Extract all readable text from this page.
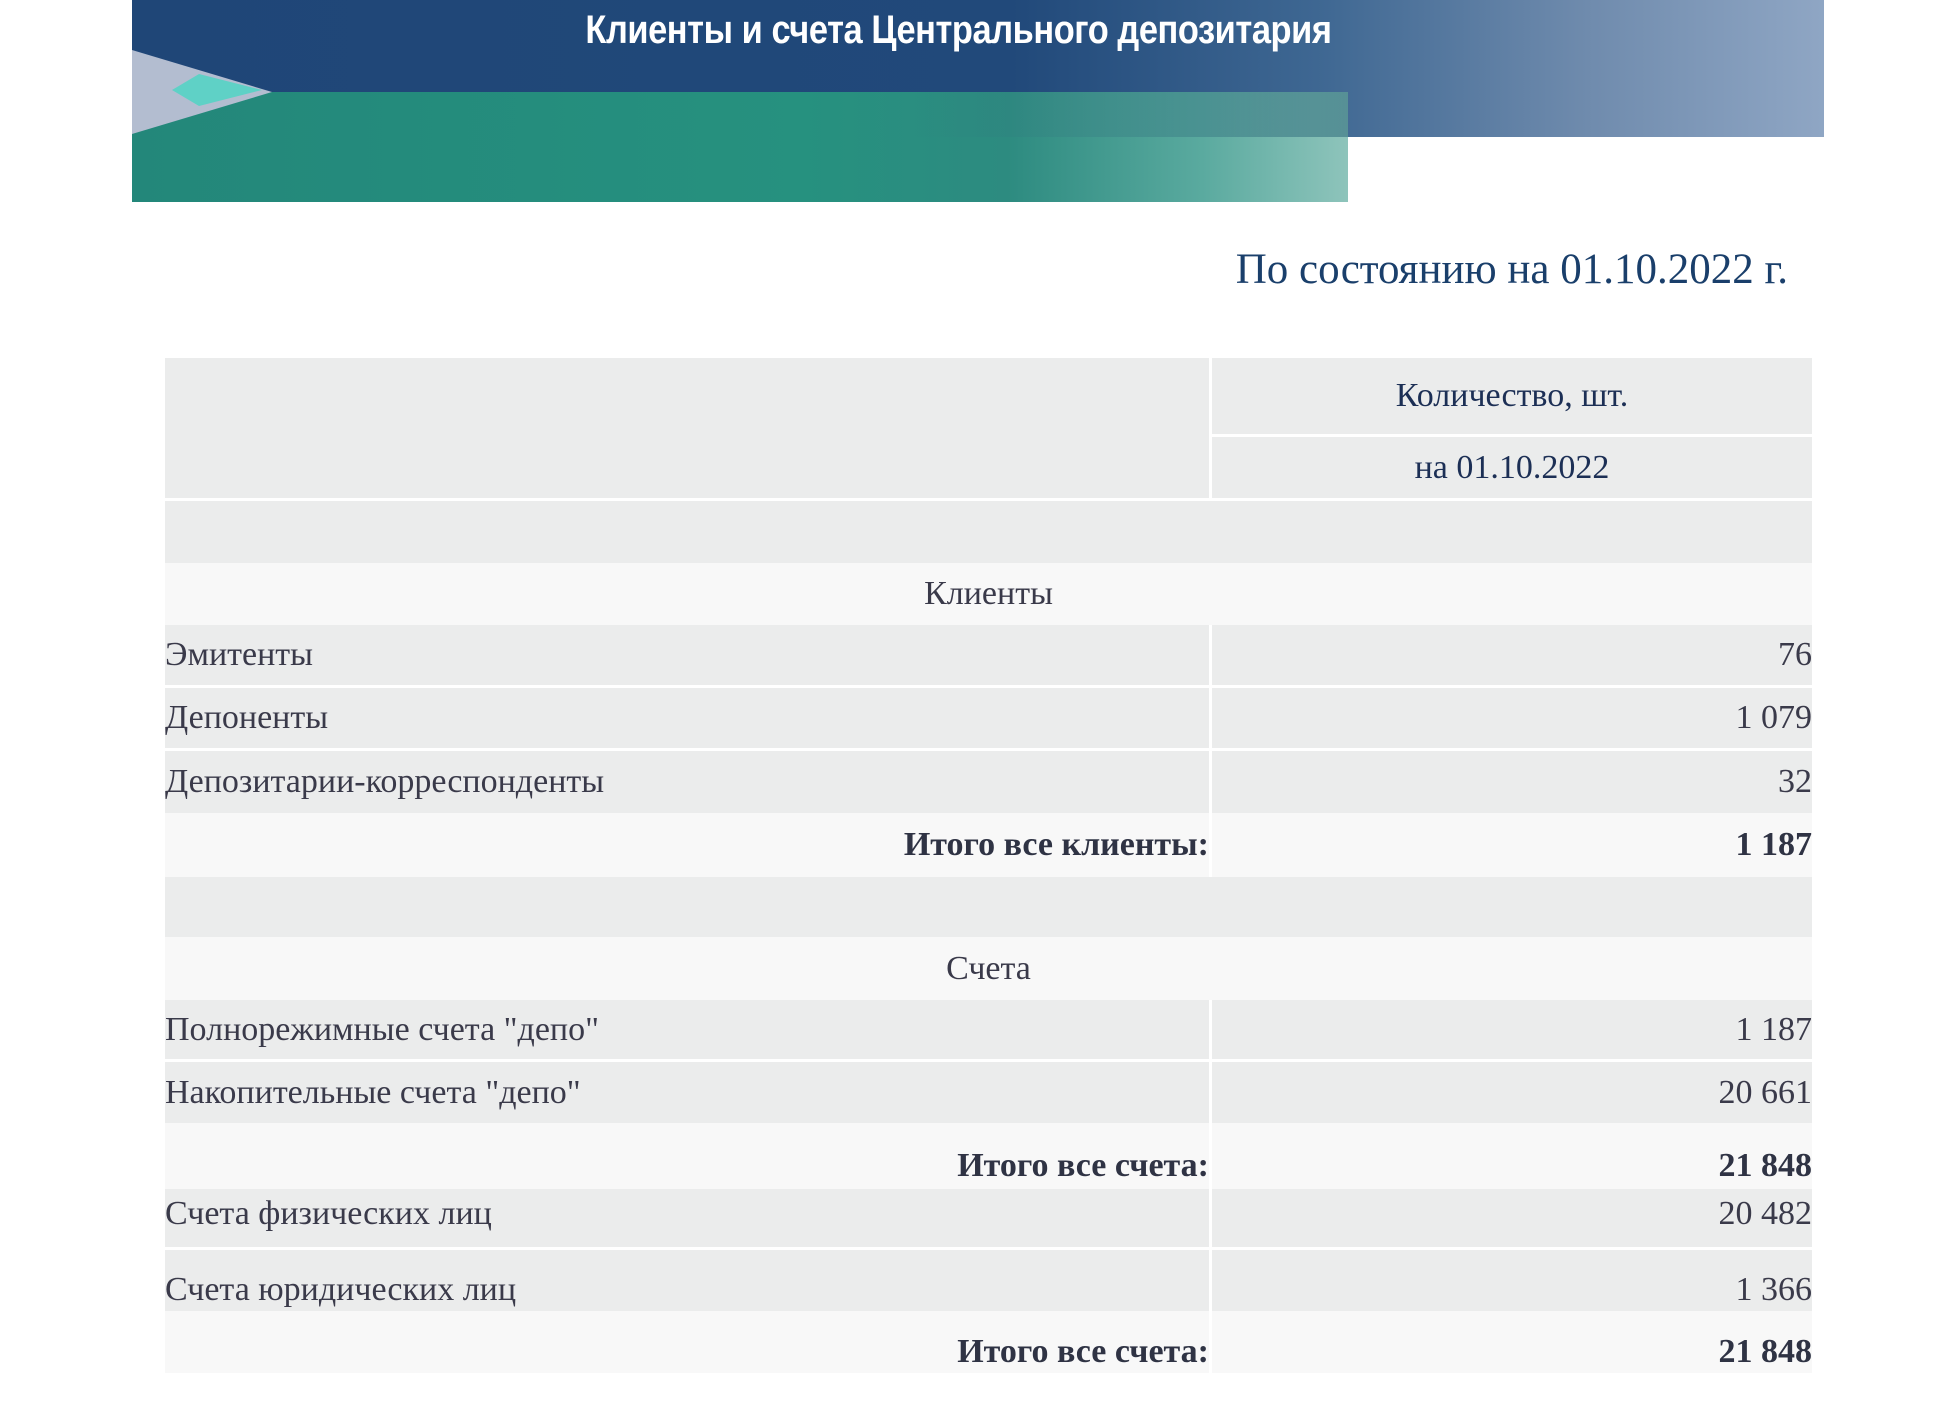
Клиенты и счета Центрального депозитария
По состоянию на 01.10.2022 г.
Количество, шт.
на 01.10.2022
Клиенты
Эмитенты	76
Депоненты	1 079
Депозитарии-корреспонденты	32
Итого все клиенты:	1 187
Счета
Полнорежимные счета "депо"	1 187
Накопительные счета "депо"	20 661
Итого все счета:	21 848
Счета физических лиц	20 482
Счета юридических лиц	1 366
Итого все счета:	21 848
